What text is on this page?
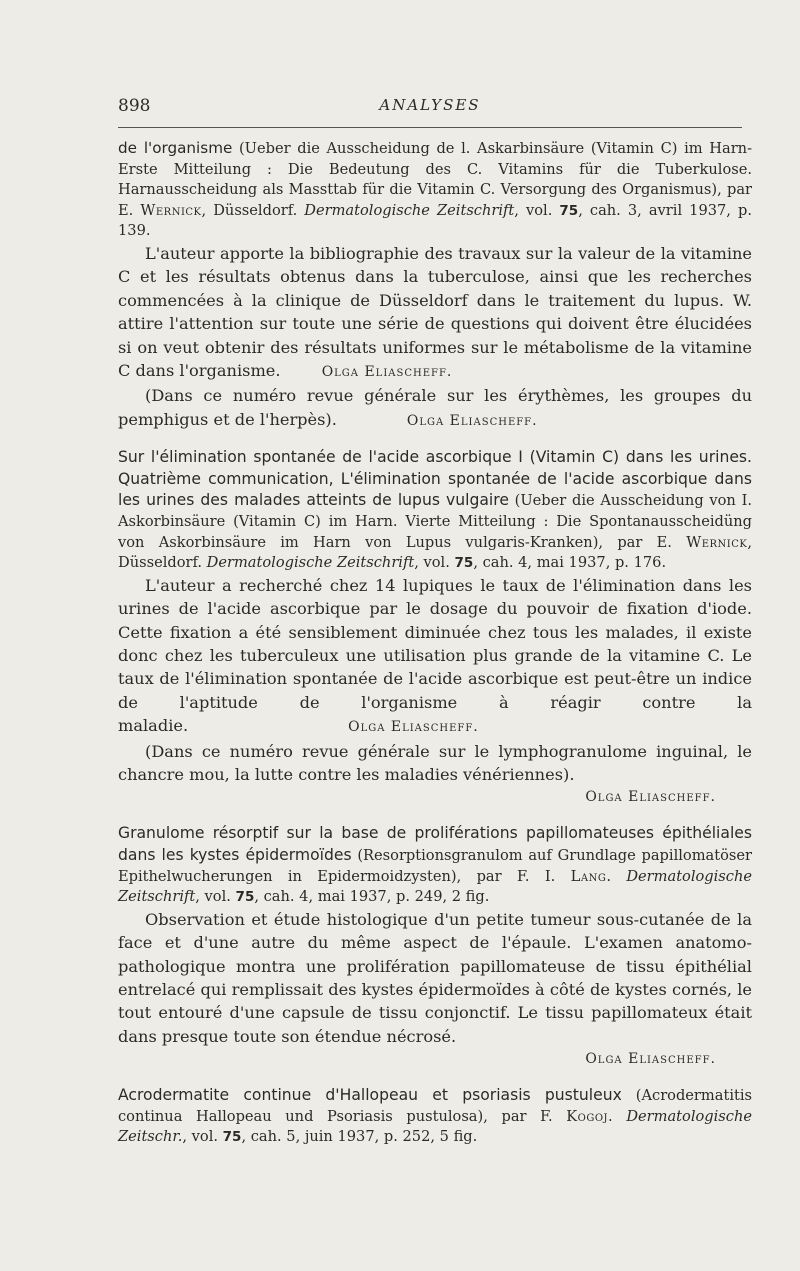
898	ANALYSES

de l'organisme (Ueber die Ausscheidung de l. Askarbinsäure (Vitamin C) im Harn-Erste Mitteilung : Die Bedeutung des C. Vitamins für die Tuberkulose. Harnausscheidung als Massttab für die Vitamin C. Versorgung des Organismus), par E. Wernick, Düsseldorf. Dermatologische Zeitschrift, vol. 75, cah. 3, avril 1937, p. 139.

L'auteur apporte la bibliographie des travaux sur la valeur de la vitamine C et les résultats obtenus dans la tuberculose, ainsi que les recherches commencées à la clinique de Düsseldorf dans le traitement du lupus. W. attire l'attention sur toute une série de questions qui doivent être élucidées si on veut obtenir des résultats uniformes sur le métabolisme de la vitamine C dans l'organisme.	Olga Eliascheff.

(Dans ce numéro revue générale sur les érythèmes, les groupes du pemphigus et de l'herpès).	Olga Eliascheff.

Sur l'élimination spontanée de l'acide ascorbique I (Vitamin C) dans les urines. Quatrième communication, L'élimination spontanée de l'acide ascorbique dans les urines des malades atteints de lupus vulgaire (Ueber die Ausscheidung von I. Askorbinsäure (Vitamin C) im Harn. Vierte Mitteilung : Die Spontanausscheidüng von Askorbinsäure im Harn von Lupus vulgaris-Kranken), par E. Wernick, Düsseldorf. Dermatologische Zeitschrift, vol. 75, cah. 4, mai 1937, p. 176.

L'auteur a recherché chez 14 lupiques le taux de l'élimination dans les urines de l'acide ascorbique par le dosage du pouvoir de fixation d'iode. Cette fixation a été sensiblement diminuée chez tous les malades, il existe donc chez les tuberculeux une utilisation plus grande de la vitamine C. Le taux de l'élimination spontanée de l'acide ascorbique est peut-être un indice de l'aptitude de l'organisme à réagir contre la maladie.	Olga Eliascheff.

(Dans ce numéro revue générale sur le lymphogranulome inguinal, le chancre mou, la lutte contre les maladies vénériennes).

Olga Eliascheff.

Granulome résorptif sur la base de proliférations papillomateuses épithéliales dans les kystes épidermoïdes (Resorptionsgranulom auf Grundlage papillomatöser Epithelwucherungen in Epidermoidzysten), par F. I. Lang. Dermatologische Zeitschrift, vol. 75, cah. 4, mai 1937, p. 249, 2 fig.

Observation et étude histologique d'un petite tumeur sous-cutanée de la face et d'une autre du même aspect de l'épaule. L'examen anatomo-pathologique montra une prolifération papillomateuse de tissu épithélial entrelacé qui remplissait des kystes épidermoïdes à côté de kystes cornés, le tout entouré d'une capsule de tissu conjonctif. Le tissu papillomateux était dans presque toute son étendue nécrosé.

Olga Eliascheff.

Acrodermatite continue d'Hallopeau et psoriasis pustuleux (Acrodermatitis continua Hallopeau und Psoriasis pustulosa), par F. Kogoj. Dermatologische Zeitschr., vol. 75, cah. 5, juin 1937, p. 252, 5 fig.
